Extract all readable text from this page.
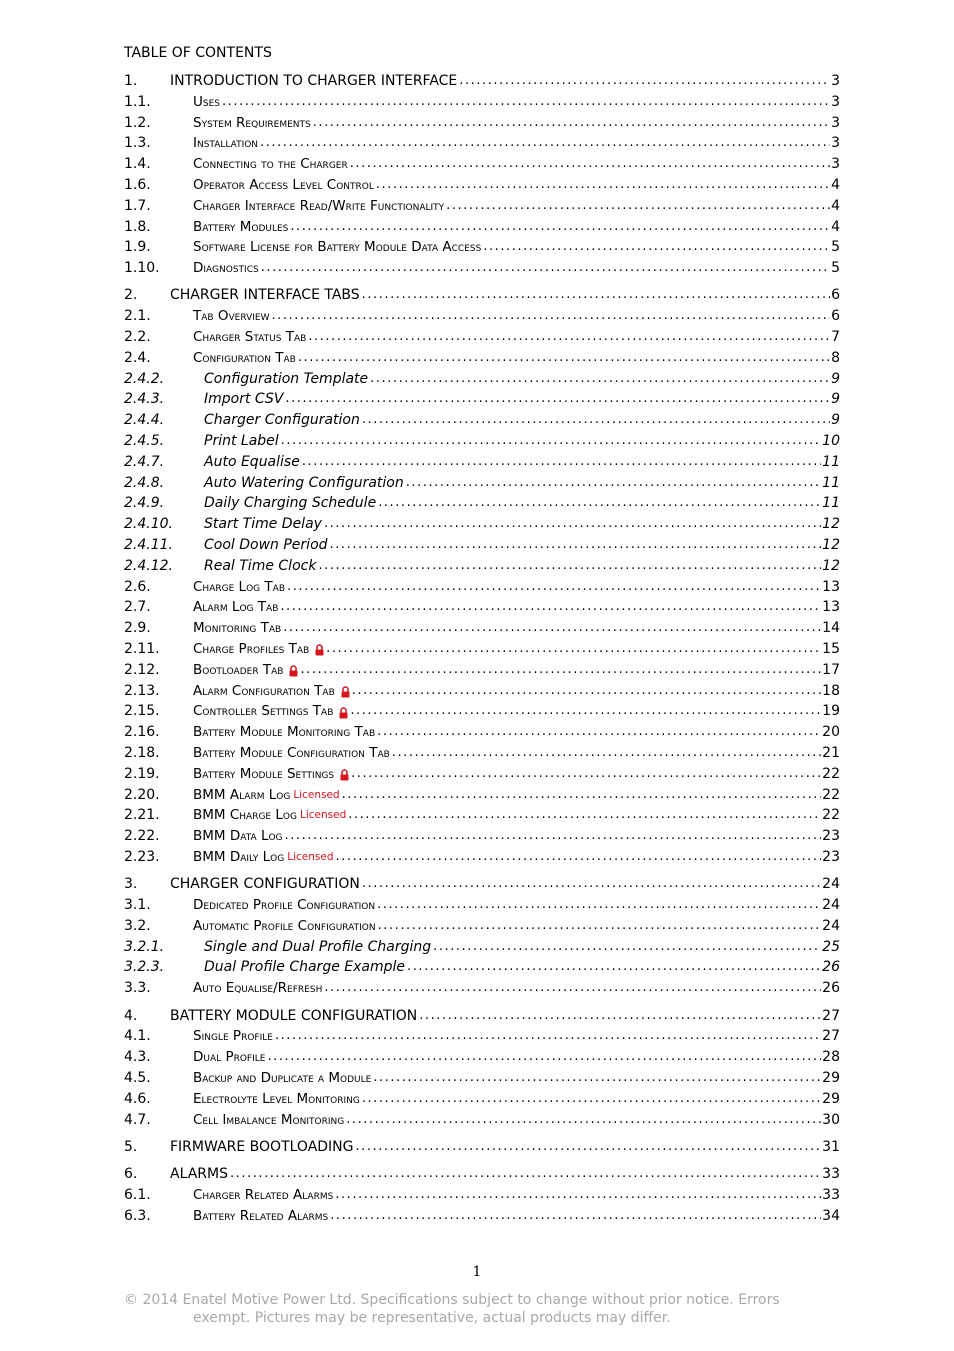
TABLE OF CONTENTS
1. INTRODUCTION TO CHARGER INTERFACE .....	3
1.1.	Uses .....	3
1.2.	System Requirements .....	3
1.3.	Installation .....	3
1.4.	Connecting to the Charger .....	3
1.6.	Operator Access Level Control .....	4
1.7.	Charger Interface Read/Write Functionality .....	4
1.8.	Battery Modules .....	4
1.9.	Software License for Battery Module Data Access .....	5
1.10. Diagnostics .....	5
2. CHARGER INTERFACE TABS .....	6
2.1.	Tab Overview .....	6
2.2.	Charger Status Tab .....	7
2.4.	Configuration Tab .....	8
2.4.2.	Configuration Template .....	9
2.4.3.	Import CSV .....	9
2.4.4.	Charger Configuration .....	9
2.4.5.	Print Label .....	10
2.4.7.	Auto Equalise .....	11
2.4.8.	Auto Watering Configuration .....	11
2.4.9.	Daily Charging Schedule .....	11
2.4.10. Start Time Delay .....	12
2.4.11. Cool Down Period .....	12
2.4.12. Real Time Clock .....	12
2.6.	Charge Log Tab .....	13
2.7.	Alarm Log Tab .....	13
2.9.	Monitoring Tab .....	14
2.11. Charge Profiles Tab .....	15
2.12. Bootloader Tab .....	17
2.13. Alarm Configuration Tab .....	18
2.15. Controller Settings Tab .....	19
2.16. Battery Module Monitoring Tab .....	20
2.18. Battery Module Configuration Tab .....	21
2.19. Battery Module Settings .....	22
2.20. BMM Alarm Log Licensed .....	22
2.21. BMM Charge Log Licensed .....	22
2.22. BMM Data Log .....	23
2.23. BMM Daily Log Licensed .....	23
3. CHARGER CONFIGURATION .....	24
3.1.	Dedicated Profile Configuration .....	24
3.2.	Automatic Profile Configuration .....	24
3.2.1.	Single and Dual Profile Charging .....	25
3.2.3.	Dual Profile Charge Example .....	26
3.3.	Auto Equalise/Refresh .....	26
4. BATTERY MODULE CONFIGURATION .....	27
4.1.	Single Profile .....	27
4.3.	Dual Profile .....	28
4.5.	Backup and Duplicate a Module .....	29
4.6.	Electrolyte Level Monitoring .....	29
4.7.	Cell Imbalance Monitoring .....	30
5. FIRMWARE BOOTLOADING .....	31
6. ALARMS .....	33
6.1.	Charger Related Alarms .....	33
6.3.	Battery Related Alarms .....	34
1
© 2014 Enatel Motive Power Ltd. Specifications subject to change without prior notice. Errors
exempt. Pictures may be representative, actual products may differ.
